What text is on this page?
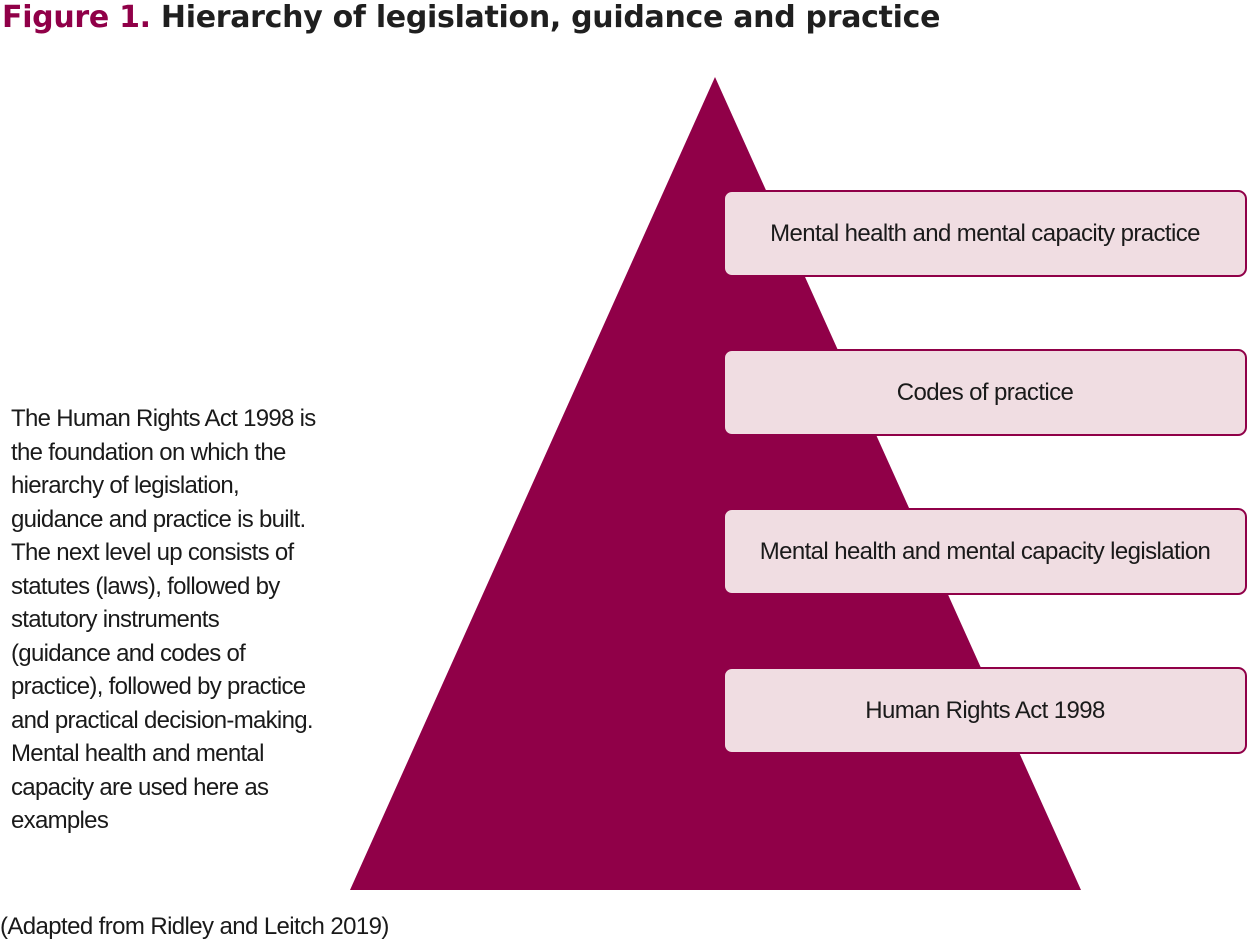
Figure 1. Hierarchy of legislation, guidance and practice
Mental health and mental capacity practice
Codes of practice
Mental health and mental capacity legislation
Human Rights Act 1998
The Human Rights Act 1998 is the foundation on which the hierarchy of legislation, guidance and practice is built. The next level up consists of statutes (laws), followed by statutory instruments (guidance and codes of practice), followed by practice and practical decision-making. Mental health and mental capacity are used here as examples
(Adapted from Ridley and Leitch 2019)
